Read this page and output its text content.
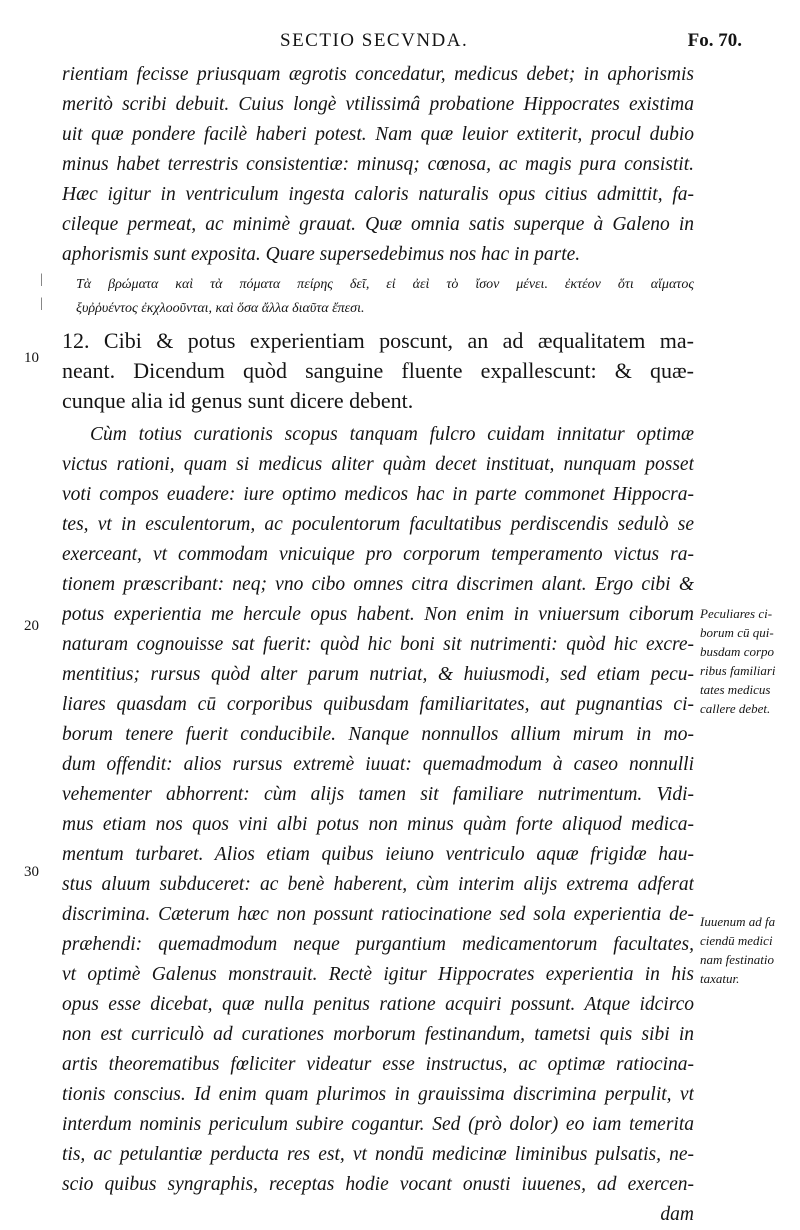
SECTIO SECVNDA.	Fo. 70.
rientiam fecisse priusquam ægrotis concedatur, medicus debet; in aphorismis
meritò scribi debuit. Cuius longè vtilissimâ probatione Hippocrates existima
uit quæ pondere facilè haberi potest. Nam quæ leuior extiterit, procul dubio
minus habet terrestris consistentiæ: minusq; cœnosa, ac magis pura consistit.
Hæc igitur in ventriculum ingesta caloris naturalis opus citius admittit, fa-
cileque permeat, ac minimè grauat. Quæ omnia satis superque à Galeno in
aphorismis sunt exposita. Quare supersedebimus nos hac in parte.
Τὰ βρώματα καὶ τὰ πόματα πείρης δεῖ, εἰ ἀεὶ τὸ ἴσον μένει. ἐκτέον ὅτι αἵματος
ξυῤῥυέντος ἐκχλοοῦνται, καὶ ὅσα ἄλλα διαῦτα ἔπεσι.
12. Cibi & potus experientiam poscunt, an ad æqualitatem ma-
neant. Dicendum quòd sanguine fluente expallescunt: & quæ-
cunque alia id genus sunt dicere debent.
Cùm totius curationis scopus tanquam fulcro cuidam innitatur optimæ
victus rationi, quam si medicus aliter quàm decet instituat, nunquam posset
voti compos euadere: iure optimo medicos hac in parte commonet Hippocra-
tes, vt in esculentorum, ac poculentorum facultatibus perdiscendis sedulò se
exerceant, vt commodam vnicuique pro corporum temperamento victus ra-
tionem præscribant: neq; vno cibo omnes citra discrimen alant. Ergo cibi &
potus experientia me hercule opus habent. Non enim in vniuersum ciborum
naturam cognouisse sat fuerit: quòd hic boni sit nutrimenti: quòd hic excre-
mentitius; rursus quòd alter parum nutriat, & huiusmodi, sed etiam pecu-
liares quasdam cū corporibus quibusdam familiaritates, aut pugnantias ci-
borum tenere fuerit conducibile. Nanque nonnullos allium mirum in mo-
dum offendit: alios rursus extremè iuuat: quemadmodum à caseo nonnulli
vehementer abhorrent: cùm alijs tamen sit familiare nutrimentum. Vidi-
mus etiam nos quos vini albi potus non minus quàm forte aliquod medica-
mentum turbaret. Alios etiam quibus ieiuno ventriculo aquæ frigidæ hau-
stus aluum subduceret: ac benè haberent, cùm interim alijs extrema adferat
discrimina. Cæterum hæc non possunt ratiocinatione sed sola experientia de-
præhendi: quemadmodum neque purgantium medicamentorum facultates,
vt optimè Galenus monstrauit. Rectè igitur Hippocrates experientia in his
opus esse dicebat, quæ nulla penitus ratione acquiri possunt. Atque idcirco
non est curriculò ad curationes morborum festinandum, tametsi quis sibi in
artis theorematibus fœliciter videatur esse instructus, ac optimæ ratiocina-
tionis conscius. Id enim quam plurimos in grauissima discrimina perpulit, vt
interdum nominis periculum subire cogantur. Sed (prò dolor) eo iam temerita
tis, ac petulantiæ perducta res est, vt nondū medicinæ liminibus pulsatis, ne-
scio quibus syngraphis, receptas hodie vocant onusti iuuenes, ad exercen-
dam
10
20
30
|
|
Peculiares ci-
borum cū qui-
busdam corpo
ribus familiari
tates medicus
callere debet.
Iuuenum ad fa
ciendū medici
nam festinatio
taxatur.
